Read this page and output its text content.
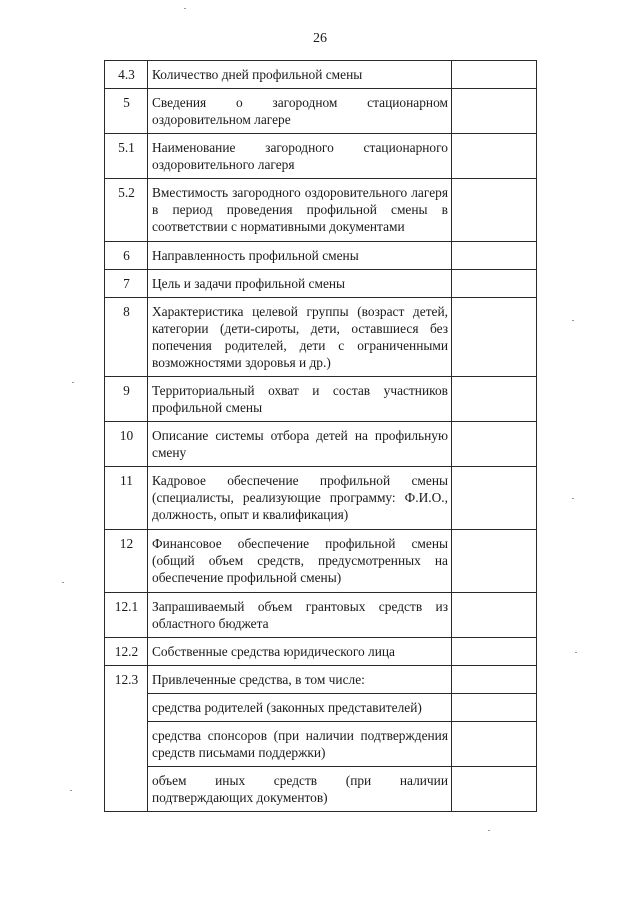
26
4.3	Количество дней профильной смены	
5	Сведения о загородном стационарном оздоровительном лагере	
5.1	Наименование загородного стационарного оздоровительного лагеря	
5.2	Вместимость загородного оздоровительного лагеря в период проведения профильной смены в соответствии с нормативными документами	
6	Направленность профильной смены	
7	Цель и задачи профильной смены	
8	Характеристика целевой группы (возраст детей, категории (дети-сироты, дети, оставшиеся без попечения родителей, дети с ограниченными возможностями здоровья и др.)	
9	Территориальный охват и состав участников профильной смены	
10	Описание системы отбора детей на профильную смену	
11	Кадровое обеспечение профильной смены (специалисты, реализующие программу: Ф.И.О., должность, опыт и квалификация)	
12	Финансовое обеспечение профильной смены (общий объем средств, предусмотренных на обеспечение профильной смены)	
12.1	Запрашиваемый объем грантовых средств из областного бюджета	
12.2	Собственные средства юридического лица	
12.3	Привлеченные средства, в том числе:	
	средства родителей (законных представителей)	
	средства спонсоров (при наличии подтверждения средств письмами поддержки)	
	объем иных средств (при наличии подтверждающих документов)	
